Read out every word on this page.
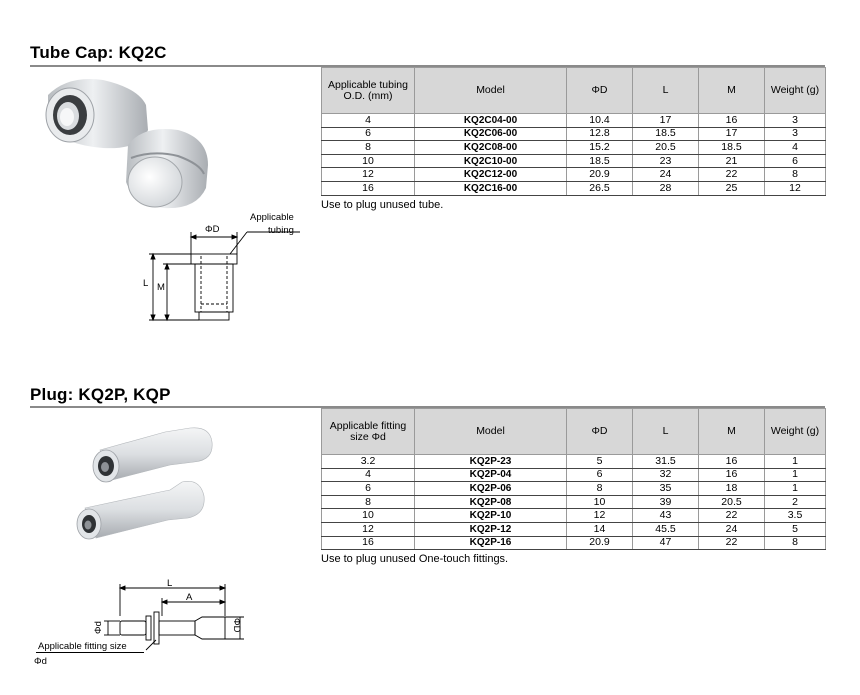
Tube Cap: KQ2C
ΦD
Applicable
tubing
L M
Applicable tubing O.D. (mm)	Model	ΦD	L	M	Weight (g)
4	KQ2C04-00	10.4	17	16	3
6	KQ2C06-00	12.8	18.5	17	3
8	KQ2C08-00	15.2	20.5	18.5	4
10	KQ2C10-00	18.5	23	21	6
12	KQ2C12-00	20.9	24	22	8
16	KQ2C16-00	26.5	28	25	12
Use to plug unused tube.
Plug: KQ2P, KQP
L
A
Φd	ΦD
Applicable fitting size
Φd
Applicable fitting size Φd	Model	ΦD	L	M	Weight (g)
3.2	KQ2P-23	5	31.5	16	1
4	KQ2P-04	6	32	16	1
6	KQ2P-06	8	35	18	1
8	KQ2P-08	10	39	20.5	2
10	KQ2P-10	12	43	22	3.5
12	KQ2P-12	14	45.5	24	5
16	KQ2P-16	20.9	47	22	8
Use to plug unused One-touch fittings.
